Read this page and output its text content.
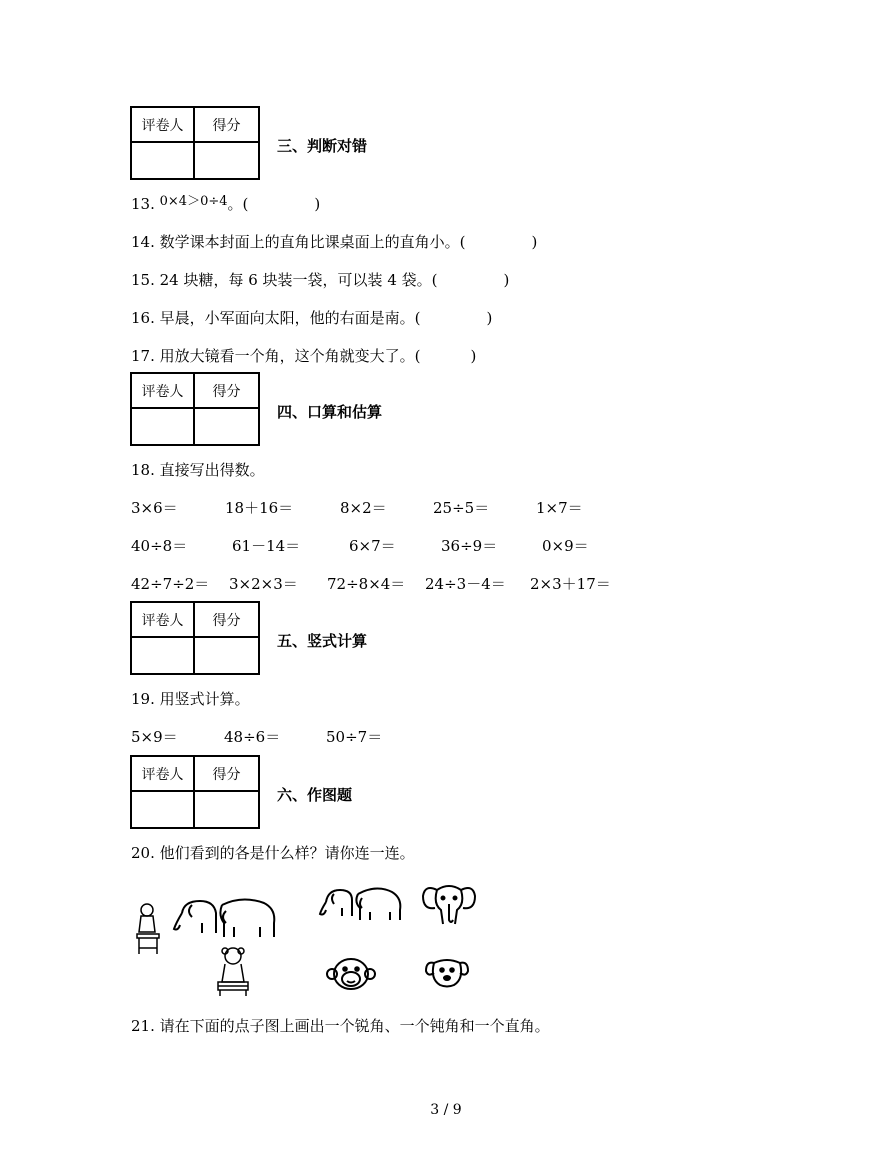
评卷人	得分
三、判断对错
13. 0×4＞0÷4。(	)
14. 数学课本封面上的直角比课桌面上的直角小。(	)
15. 24 块糖，每 6 块装一袋，可以装 4 袋。(	)
16. 早晨，小军面向太阳，他的右面是南。(	)
17. 用放大镜看一个角，这个角就变大了。(	)
评卷人	得分
四、口算和估算
18. 直接写出得数。
3×6＝	18＋16＝	8×2＝	25÷5＝	1×7＝
40÷8＝	61－14＝	6×7＝	36÷9＝	0×9＝
42÷7÷2＝ 3×2×3＝ 72÷8×4＝ 24÷3－4＝ 2×3＋17＝
评卷人	得分
五、竖式计算
19. 用竖式计算。
5×9＝	48÷6＝	50÷7＝
评卷人	得分
六、作图题
20. 他们看到的各是什么样？请你连一连。
21. 请在下面的点子图上画出一个锐角、一个钝角和一个直角。
3 / 9
